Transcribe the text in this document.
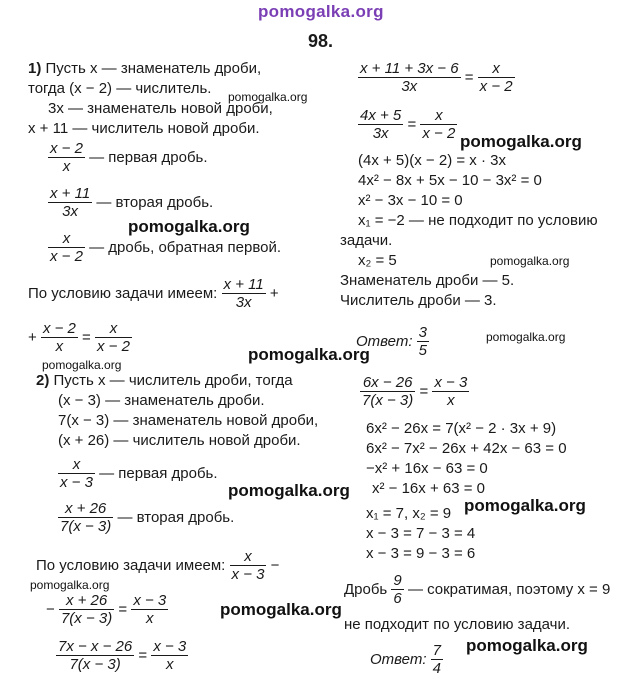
pomogalka.org
98.
1) Пусть x — знаменатель дроби,
тогда (x − 2) — числитель.
3x — знаменатель новой дроби,
x + 11 — числитель новой дроби.
$\frac{x - 2}{x}$ — первая дробь.
$\frac{x + 11}{3x}$ — вторая дробь.
$\frac{x}{x - 2}$ — дробь, обратная первой.
По условию задачи имеем: $\frac{x + 11}{3x}$ +
+ $\frac{x - 2}{x} = \frac{x}{x - 2}$
2) Пусть x — числитель дроби, тогда
(x − 3) — знаменатель дроби.
7(x − 3) — знаменатель новой дроби,
(x + 26) — числитель новой дроби.
$\frac{x}{x - 3}$ — первая дробь.
$\frac{x + 26}{7(x - 3)}$ — вторая дробь.
По условию задачи имеем: $\frac{x}{x - 3}$ −
− $\frac{x + 26}{7(x - 3)} = \frac{x - 3}{x}$
$\frac{7x - x - 26}{7(x - 3)} = \frac{x - 3}{x}$
$\frac{x + 11 + 3x - 6}{3x} = \frac{x}{x - 2}$
$\frac{4x + 5}{3x} = \frac{x}{x - 2}$
(4x + 5)(x − 2) = x · 3x
4x² − 8x + 5x − 10 − 3x² = 0
x² − 3x − 10 = 0
x₁ = −2 — не подходит по условию
задачи.
x₂ = 5
Знаменатель дроби — 5.
Числитель дроби — 3.
Ответ: $\frac{3}{5}$
$\frac{6x - 26}{7(x - 3)} = \frac{x - 3}{x}$
6x² − 26x = 7(x² − 2 · 3x + 9)
6x² − 7x² − 26x + 42x − 63 = 0
−x² + 16x − 63 = 0
x² − 16x + 63 = 0
x₁ = 7, x₂ = 9
x − 3 = 7 − 3 = 4
x − 3 = 9 − 3 = 6
Дробь $\frac{9}{6}$ — сократимая, поэтому x = 9
не подходит по условию задачи.
Ответ: $\frac{7}{4}$
pomogalka.org
pomogalka.org
pomogalka.org
pomogalka.org
pomogalka.org
pomogalka.org
pomogalka.org
pomogalka.org
pomogalka.org
pomogalka.org
pomogalka.org
pomogalka.org
